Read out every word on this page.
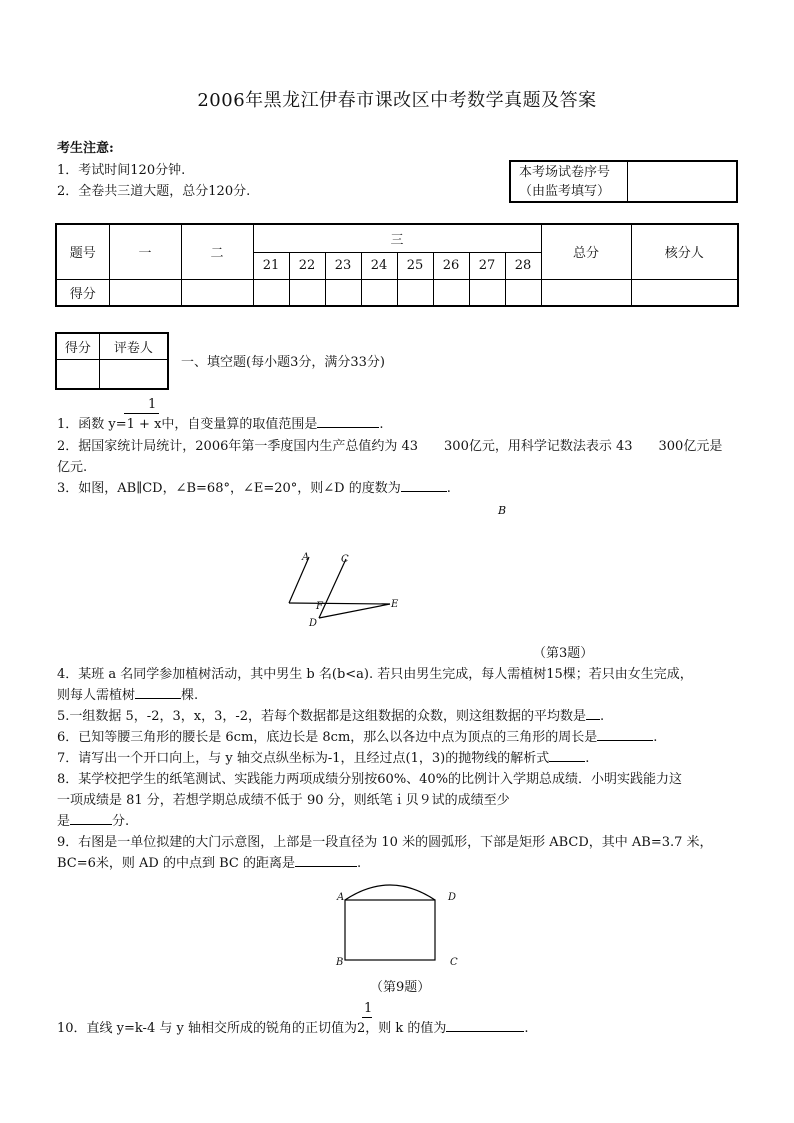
2006年黑龙江伊春市课改区中考数学真题及答案
考生注意:
1．考试时间120分钟.
2．全卷共三道大题，总分120分.
本考场试卷序号
（由监考填写）
题号	一	二	三								总分	核分人
			21	22	23	24	25	26	27	28		
得分												
得分	评卷人

一、填空题(每小题3分，满分33分)
1
1．函数 y=1 + x中，自变量算的取值范围是	.
2．据国家统计局统计，2006年第一季度国内生产总值约为 43　　300亿元，用科学记数法表示 43　　300亿元是
亿元.
3．如图，AB∥CD，∠B=68°，∠E=20°，则∠D 的度数为	.
B
A	C
F	E
D
（第3题）
4．某班 a 名同学参加植树活动，其中男生 b 名(b<a). 若只由男生完成，每人需植树15棵；若只由女生完成，
则每人需植树	棵.
5.一组数据 5，-2，3，x，3，-2，若每个数据都是这组数据的众数，则这组数据的平均数是 .
6．已知等腰三角形的腰长是 6cm，底边长是 8cm，那么以各边中点为顶点的三角形的周长是	.
7．请写出一个开口向上，与 y 轴交点纵坐标为-1，且经过点(1，3)的抛物线的解析式	.
8．某学校把学生的纸笔测试、实践能力两项成绩分别按60%、40%的比例计入学期总成绩．小明实践能力这
一项成绩是 81 分，若想学期总成绩不低于 90 分，则纸笔ｉ贝９试的成绩至少
是	分.
9．右图是一单位拟建的大门示意图，上部是一段直径为 10 米的圆弧形，下部是矩形 ABCD，其中 AB=3.7 米，
BC=6米，则 AD 的中点到 BC 的距离是	.
A	D
B	C
（第9题）
1
10．直线 y=k-4 与 y 轴相交所成的锐角的正切值为2，则 k 的值为	.
